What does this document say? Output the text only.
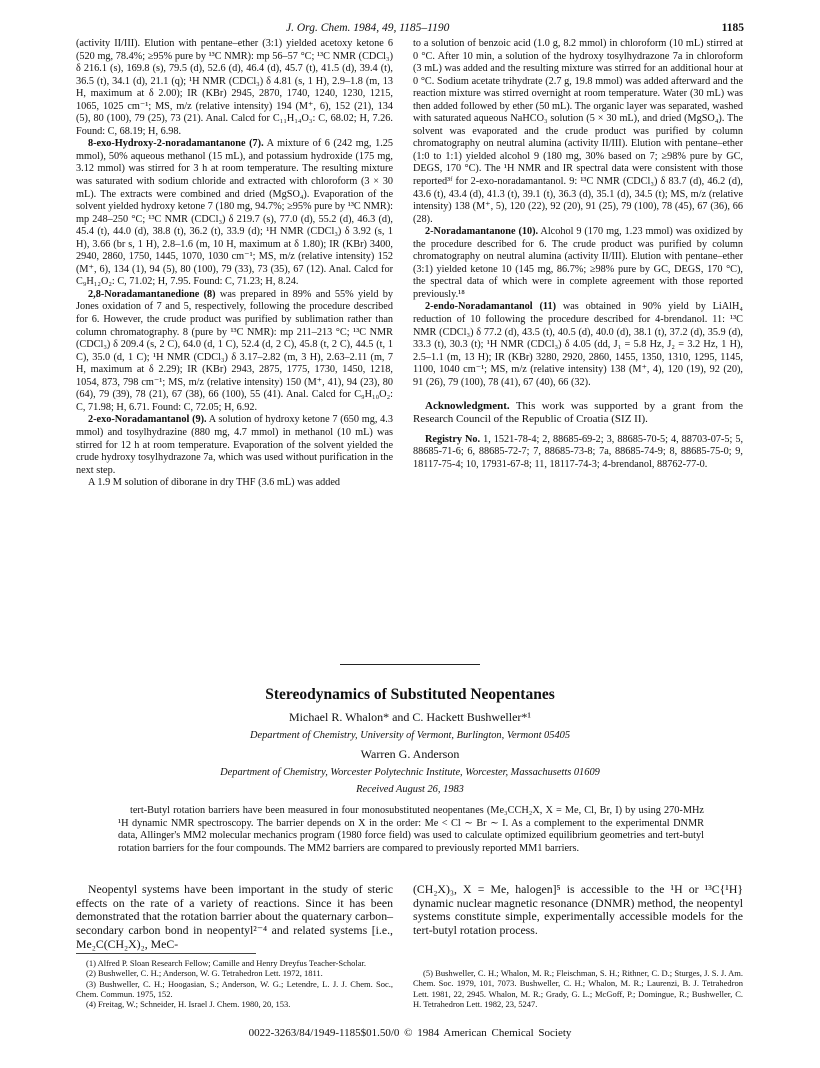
J. Org. Chem. 1984, 49, 1185–1190	1185

(activity II/III). Elution with pentane–ether (3:1) yielded acetoxy ketone 6 (520 mg, 78.4%; ≥95% pure by ¹³C NMR): mp 56–57 °C; ¹³C NMR (CDCl₃) δ 216.1 (s), 169.8 (s), 79.5 (d), 52.6 (d), 46.4 (d), 45.7 (t), 41.5 (d), 39.4 (t), 36.5 (t), 34.1 (d), 21.1 (q); ¹H NMR (CDCl₃) δ 4.81 (s, 1 H), 2.9–1.8 (m, 13 H, maximum at δ 2.00); IR (KBr) 2945, 2870, 1740, 1240, 1230, 1215, 1065, 1025 cm⁻¹; MS, m/z (relative intensity) 194 (M⁺, 6), 152 (21), 134 (5), 80 (100), 79 (25), 73 (21). Anal. Calcd for C₁₁H₁₄O₃: C, 68.02; H, 7.26. Found: C, 68.19; H, 6.98.

8-exo-Hydroxy-2-noradamantanone (7). A mixture of 6 (242 mg, 1.25 mmol), 50% aqueous methanol (15 mL), and potassium hydroxide (175 mg, 3.12 mmol) was stirred for 3 h at room temperature. The resulting mixture was saturated with sodium chloride and extracted with chloroform (3 × 30 mL). The extracts were combined and dried (MgSO₄). Evaporation of the solvent yielded hydroxy ketone 7 (180 mg, 94.7%; ≥95% pure by ¹³C NMR): mp 248–250 °C; ¹³C NMR (CDCl₃) δ 219.7 (s), 77.0 (d), 55.2 (d), 46.3 (d), 45.4 (t), 44.0 (d), 38.8 (t), 36.2 (t), 33.9 (d); ¹H NMR (CDCl₃) δ 3.92 (s, 1 H), 3.66 (br s, 1 H), 2.8–1.6 (m, 10 H, maximum at δ 1.80); IR (KBr) 3400, 2940, 2860, 1750, 1445, 1070, 1030 cm⁻¹; MS, m/z (relative intensity) 152 (M⁺, 6), 134 (1), 94 (5), 80 (100), 79 (33), 73 (35), 67 (12). Anal. Calcd for C₉H₁₂O₂: C, 71.02; H, 7.95. Found: C, 71.23; H, 8.24.

2,8-Noradamantanedione (8) was prepared in 89% and 55% yield by Jones oxidation of 7 and 5, respectively, following the procedure described for 6. However, the crude product was purified by sublimation rather than column chromatography. 8 (pure by ¹³C NMR): mp 211–213 °C; ¹³C NMR (CDCl₃) δ 209.4 (s, 2 C), 64.0 (d, 1 C), 52.4 (d, 2 C), 45.8 (t, 2 C), 44.5 (t, 1 C), 35.0 (d, 1 C); ¹H NMR (CDCl₃) δ 3.17–2.82 (m, 3 H), 2.63–2.11 (m, 7 H, maximum at δ 2.29); IR (KBr) 2943, 2875, 1775, 1730, 1450, 1218, 1054, 873, 798 cm⁻¹; MS, m/z (relative intensity) 150 (M⁺, 41), 94 (23), 80 (64), 79 (39), 78 (21), 67 (38), 66 (100), 55 (41). Anal. Calcd for C₉H₁₀O₂: C, 71.98; H, 6.71. Found: C, 72.05; H, 6.92.

2-exo-Noradamantanol (9). A solution of hydroxy ketone 7 (650 mg, 4.3 mmol) and tosylhydrazine (880 mg, 4.7 mmol) in methanol (10 mL) was stirred for 12 h at room temperature. Evaporation of the solvent yielded the crude hydroxy tosylhydrazone 7a, which was used without purification in the next step.

A 1.9 M solution of diborane in dry THF (3.6 mL) was added

to a solution of benzoic acid (1.0 g, 8.2 mmol) in chloroform (10 mL) stirred at 0 °C. After 10 min, a solution of the hydroxy tosylhydrazone 7a in chloroform (3 mL) was added and the resulting mixture was stirred for an additional hour at 0 °C. Sodium acetate trihydrate (2.7 g, 19.8 mmol) was added afterward and the reaction mixture was stirred overnight at room temperature. Water (30 mL) was then added followed by ether (50 mL). The organic layer was separated, washed with saturated aqueous NaHCO₃ solution (5 × 30 mL), and dried (MgSO₄). The solvent was evaporated and the crude product was purified by column chromatography on neutral alumina (activity II/III). Elution with pentane–ether (1:0 to 1:1) yielded alcohol 9 (180 mg, 30% based on 7; ≥98% pure by GC, DEGS, 170 °C). The ¹H NMR and IR spectral data were consistent with those reported³ᶠ for 2-exo-noradamantanol. 9: ¹³C NMR (CDCl₃) δ 83.7 (d), 46.2 (d), 43.6 (t), 43.4 (d), 41.3 (t), 39.1 (t), 36.3 (d), 35.1 (d), 34.5 (t); MS, m/z (relative intensity) 138 (M⁺, 5), 120 (22), 92 (20), 91 (25), 79 (100), 78 (45), 67 (36), 66 (28).

2-Noradamantanone (10). Alcohol 9 (170 mg, 1.23 mmol) was oxidized by the procedure described for 6. The crude product was purified by column chromatography on neutral alumina (activity II/III). Elution with pentane–ether (3:1) yielded ketone 10 (145 mg, 86.7%; ≥98% pure by GC, DEGS, 170 °C), the spectral data of which were in complete agreement with those reported previously.¹⁸

2-endo-Noradamantanol (11) was obtained in 90% yield by LiAlH₄ reduction of 10 following the procedure described for 4-brendanol. 11: ¹³C NMR (CDCl₃) δ 77.2 (d), 43.5 (t), 40.5 (d), 40.0 (d), 38.1 (t), 37.2 (d), 35.9 (d), 33.3 (t), 30.3 (t); ¹H NMR (CDCl₃) δ 4.05 (dd, J₁ = 5.8 Hz, J₂ = 3.2 Hz, 1 H), 2.5–1.1 (m, 13 H); IR (KBr) 3280, 2920, 2860, 1455, 1350, 1310, 1295, 1145, 1100, 1040 cm⁻¹; MS, m/z (relative intensity) 138 (M⁺, 4), 120 (19), 92 (20), 91 (26), 79 (100), 78 (41), 67 (40), 66 (32).

Acknowledgment. This work was supported by a grant from the Research Council of the Republic of Croatia (SIZ II).

Registry No. 1, 1521-78-4; 2, 88685-69-2; 3, 88685-70-5; 4, 88703-07-5; 5, 88685-71-6; 6, 88685-72-7; 7, 88685-73-8; 7a, 88685-74-9; 8, 88685-75-0; 9, 18117-75-4; 10, 17931-67-8; 11, 18117-74-3; 4-brendanol, 88762-77-0.

Stereodynamics of Substituted Neopentanes
Michael R. Whalon* and C. Hackett Bushweller*¹
Department of Chemistry, University of Vermont, Burlington, Vermont 05405
Warren G. Anderson
Department of Chemistry, Worcester Polytechnic Institute, Worcester, Massachusetts 01609
Received August 26, 1983
tert-Butyl rotation barriers have been measured in four monosubstituted neopentanes (Me₃CCH₂X, X = Me, Cl, Br, I) by using 270-MHz ¹H dynamic NMR spectroscopy. The barrier depends on X in the order: Me < Cl ∼ Br ∼ I. As a complement to the experimental DNMR data, Allinger's MM2 molecular mechanics program (1980 force field) was used to calculate optimized equilibrium geometries and tert-butyl rotation barriers for the four compounds. The MM2 barriers are compared to previously reported MM1 barriers.

Neopentyl systems have been important in the study of steric effects on the rate of a variety of reactions. Since it has been demonstrated that the rotation barrier about the quaternary carbon–secondary carbon bond in neopentyl²⁻⁴ and related systems [i.e., Me₂C(CH₂X)₂, MeC-

(CH₂X)₃, X = Me, halogen]⁵ is accessible to the ¹H or ¹³C{¹H} dynamic nuclear magnetic resonance (DNMR) method, the neopentyl systems constitute simple, experimentally accessible models for the tert-butyl rotation process.

(1) Alfred P. Sloan Research Fellow; Camille and Henry Dreyfus Teacher-Scholar.

(2) Bushweller, C. H.; Anderson, W. G. Tetrahedron Lett. 1972, 1811.

(3) Bushweller, C. H.; Hoogasian, S.; Anderson, W. G.; Letendre, L. J. J. Chem. Soc., Chem. Commun. 1975, 152.

(4) Freitag, W.; Schneider, H. Israel J. Chem. 1980, 20, 153.

(5) Bushweller, C. H.; Whalon, M. R.; Fleischman, S. H.; Rithner, C. D.; Sturges, J. S. J. Am. Chem. Soc. 1979, 101, 7073. Bushweller, C. H.; Whalon, M. R.; Laurenzi, B. J. Tetrahedron Lett. 1981, 22, 2945. Whalon, M. R.; Grady, G. L.; McGoff, P.; Domingue, R.; Bushweller, C. H. Tetrahedron Lett. 1982, 23, 5247.

0022-3263/84/1949-1185$01.50/0 © 1984 American Chemical Society
